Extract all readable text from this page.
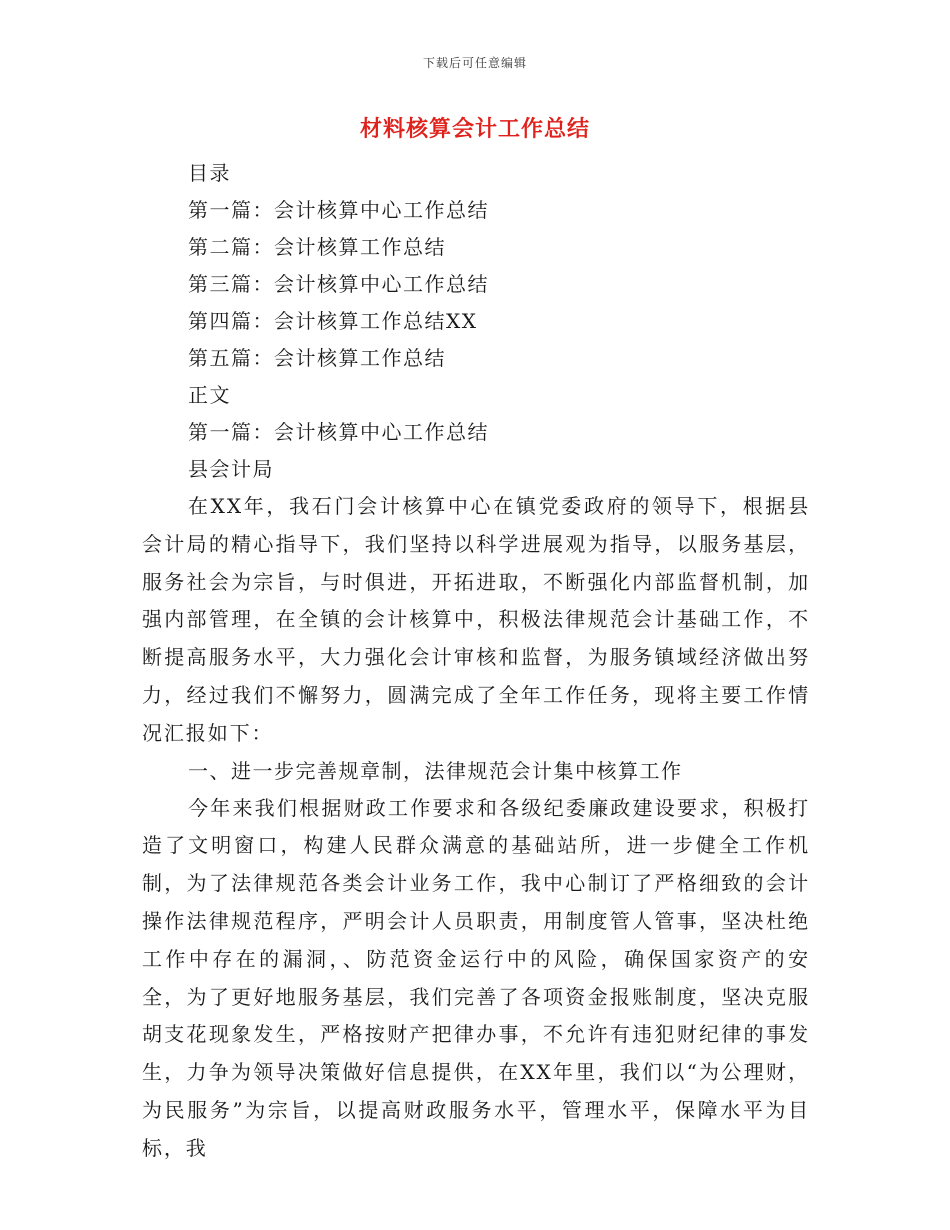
下载后可任意编辑
材料核算会计工作总结
目录
第一篇：会计核算中心工作总结
第二篇：会计核算工作总结
第三篇：会计核算中心工作总结
第四篇：会计核算工作总结XX
第五篇：会计核算工作总结
正文
第一篇：会计核算中心工作总结
县会计局

在XX年，我石门会计核算中心在镇党委政府的领导下，根据县会计局的精心指导下，我们坚持以科学进展观为指导，以服务基层，服务社会为宗旨，与时俱进，开拓进取，不断强化内部监督机制，加强内部管理，在全镇的会计核算中，积极法律规范会计基础工作，不断提高服务水平，大力强化会计审核和监督，为服务镇域经济做出努力，经过我们不懈努力，圆满完成了全年工作任务，现将主要工作情况汇报如下：

一、进一步完善规章制，法律规范会计集中核算工作

今年来我们根据财政工作要求和各级纪委廉政建设要求，积极打造了文明窗口，构建人民群众满意的基础站所，进一步健全工作机制，为了法律规范各类会计业务工作，我中心制订了严格细致的会计操作法律规范程序，严明会计人员职责，用制度管人管事，坚决杜绝工作中存在的漏洞，、防范资金运行中的风险，确保国家资产的安全，为了更好地服务基层，我们完善了各项资金报账制度，坚决克服胡支花现象发生，严格按财产把律办事，不允许有违犯财纪律的事发生，力争为领导决策做好信息提供，在XX年里，我们以“为公理财，为民服务”为宗旨，以提高财政服务水平，管理水平，保障水平为目标，我
